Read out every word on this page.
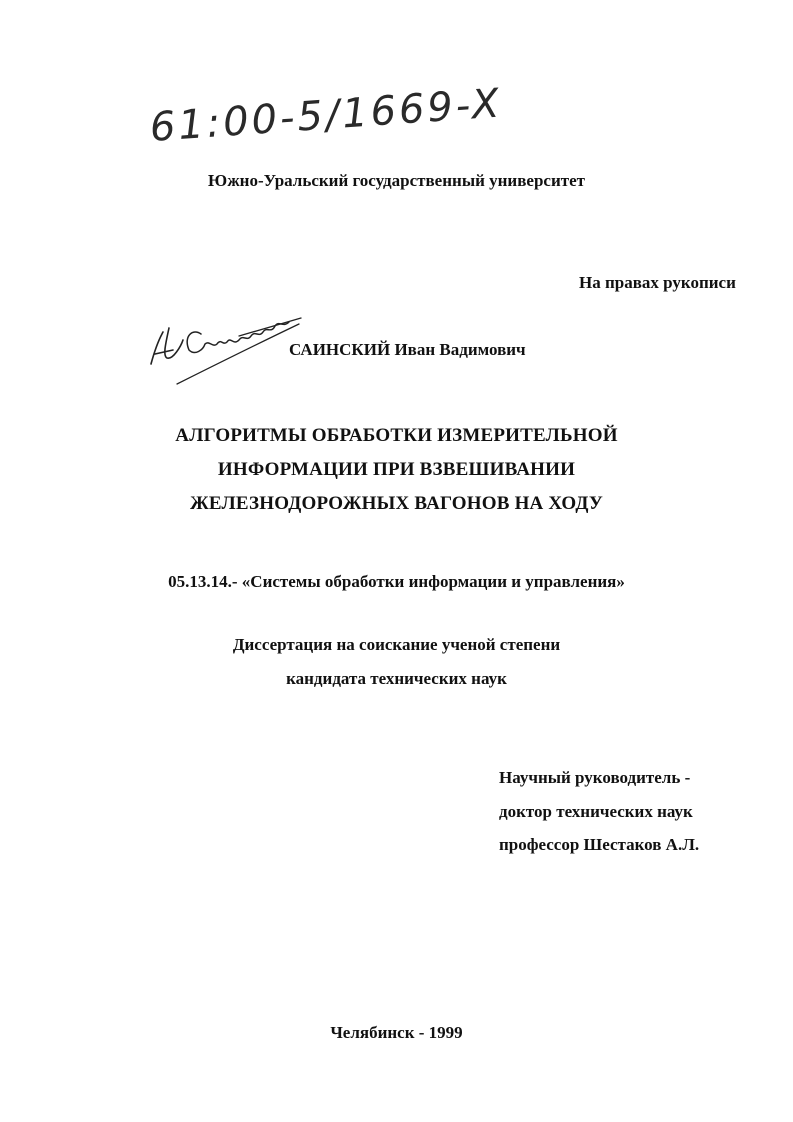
61:00-5/1669-X
Южно-Уральский государственный университет
На правах рукописи
САИНСКИЙ Иван Вадимович
АЛГОРИТМЫ ОБРАБОТКИ ИЗМЕРИТЕЛЬНОЙ
ИНФОРМАЦИИ ПРИ ВЗВЕШИВАНИИ
ЖЕЛЕЗНОДОРОЖНЫХ ВАГОНОВ НА ХОДУ
05.13.14.- «Системы обработки информации и управления»
Диссертация на соискание ученой степени
кандидата технических наук
Научный руководитель -
доктор технических наук
профессор Шестаков А.Л.
Челябинск - 1999
